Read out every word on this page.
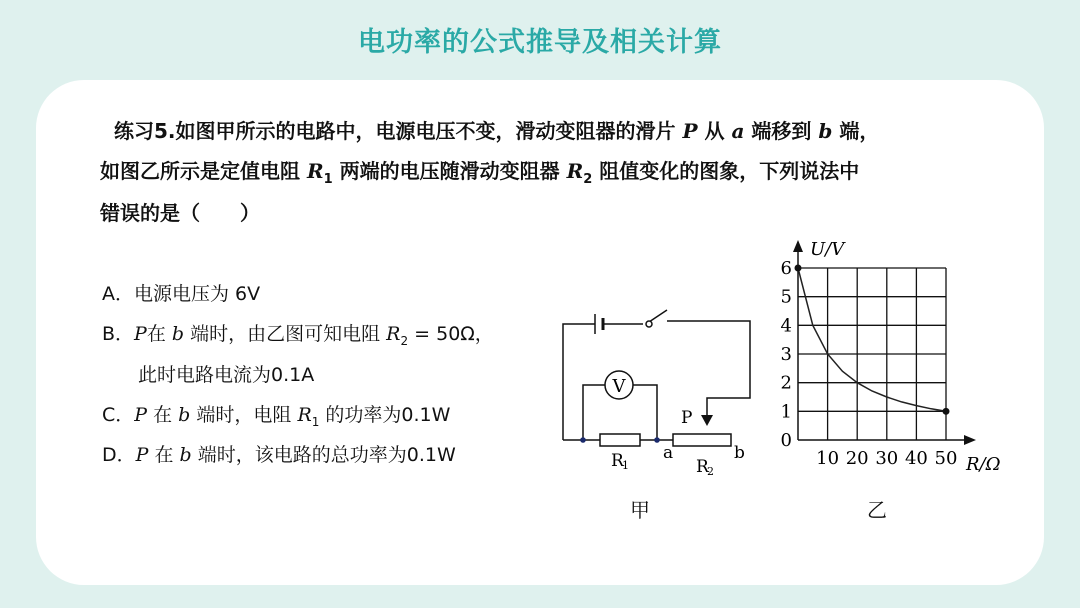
电功率的公式推导及相关计算
练习5.如图甲所示的电路中，电源电压不变，滑动变阻器的滑片 P 从 a 端移到 b 端，
如图乙所示是定值电阻 $R_1$ 两端的电压随滑动变阻器 $R_2$ 阻值变化的图象，下列说法中
错误的是（　　）
A．电源电压为 6V
B．P在 b 端时，由乙图可知电阻 $R_2 = 50\Omega$，
此时电路电流为0.1A
C．P 在 b 端时，电阻 $R_1$ 的功率为0.1W
D．P 在 b 端时，该电路的总功率为0.1W
V
P
R
1
a
R
2
b
甲
10 20 30 40 50
0
1
2
3
4
5
6
U/V
R/Ω
乙
